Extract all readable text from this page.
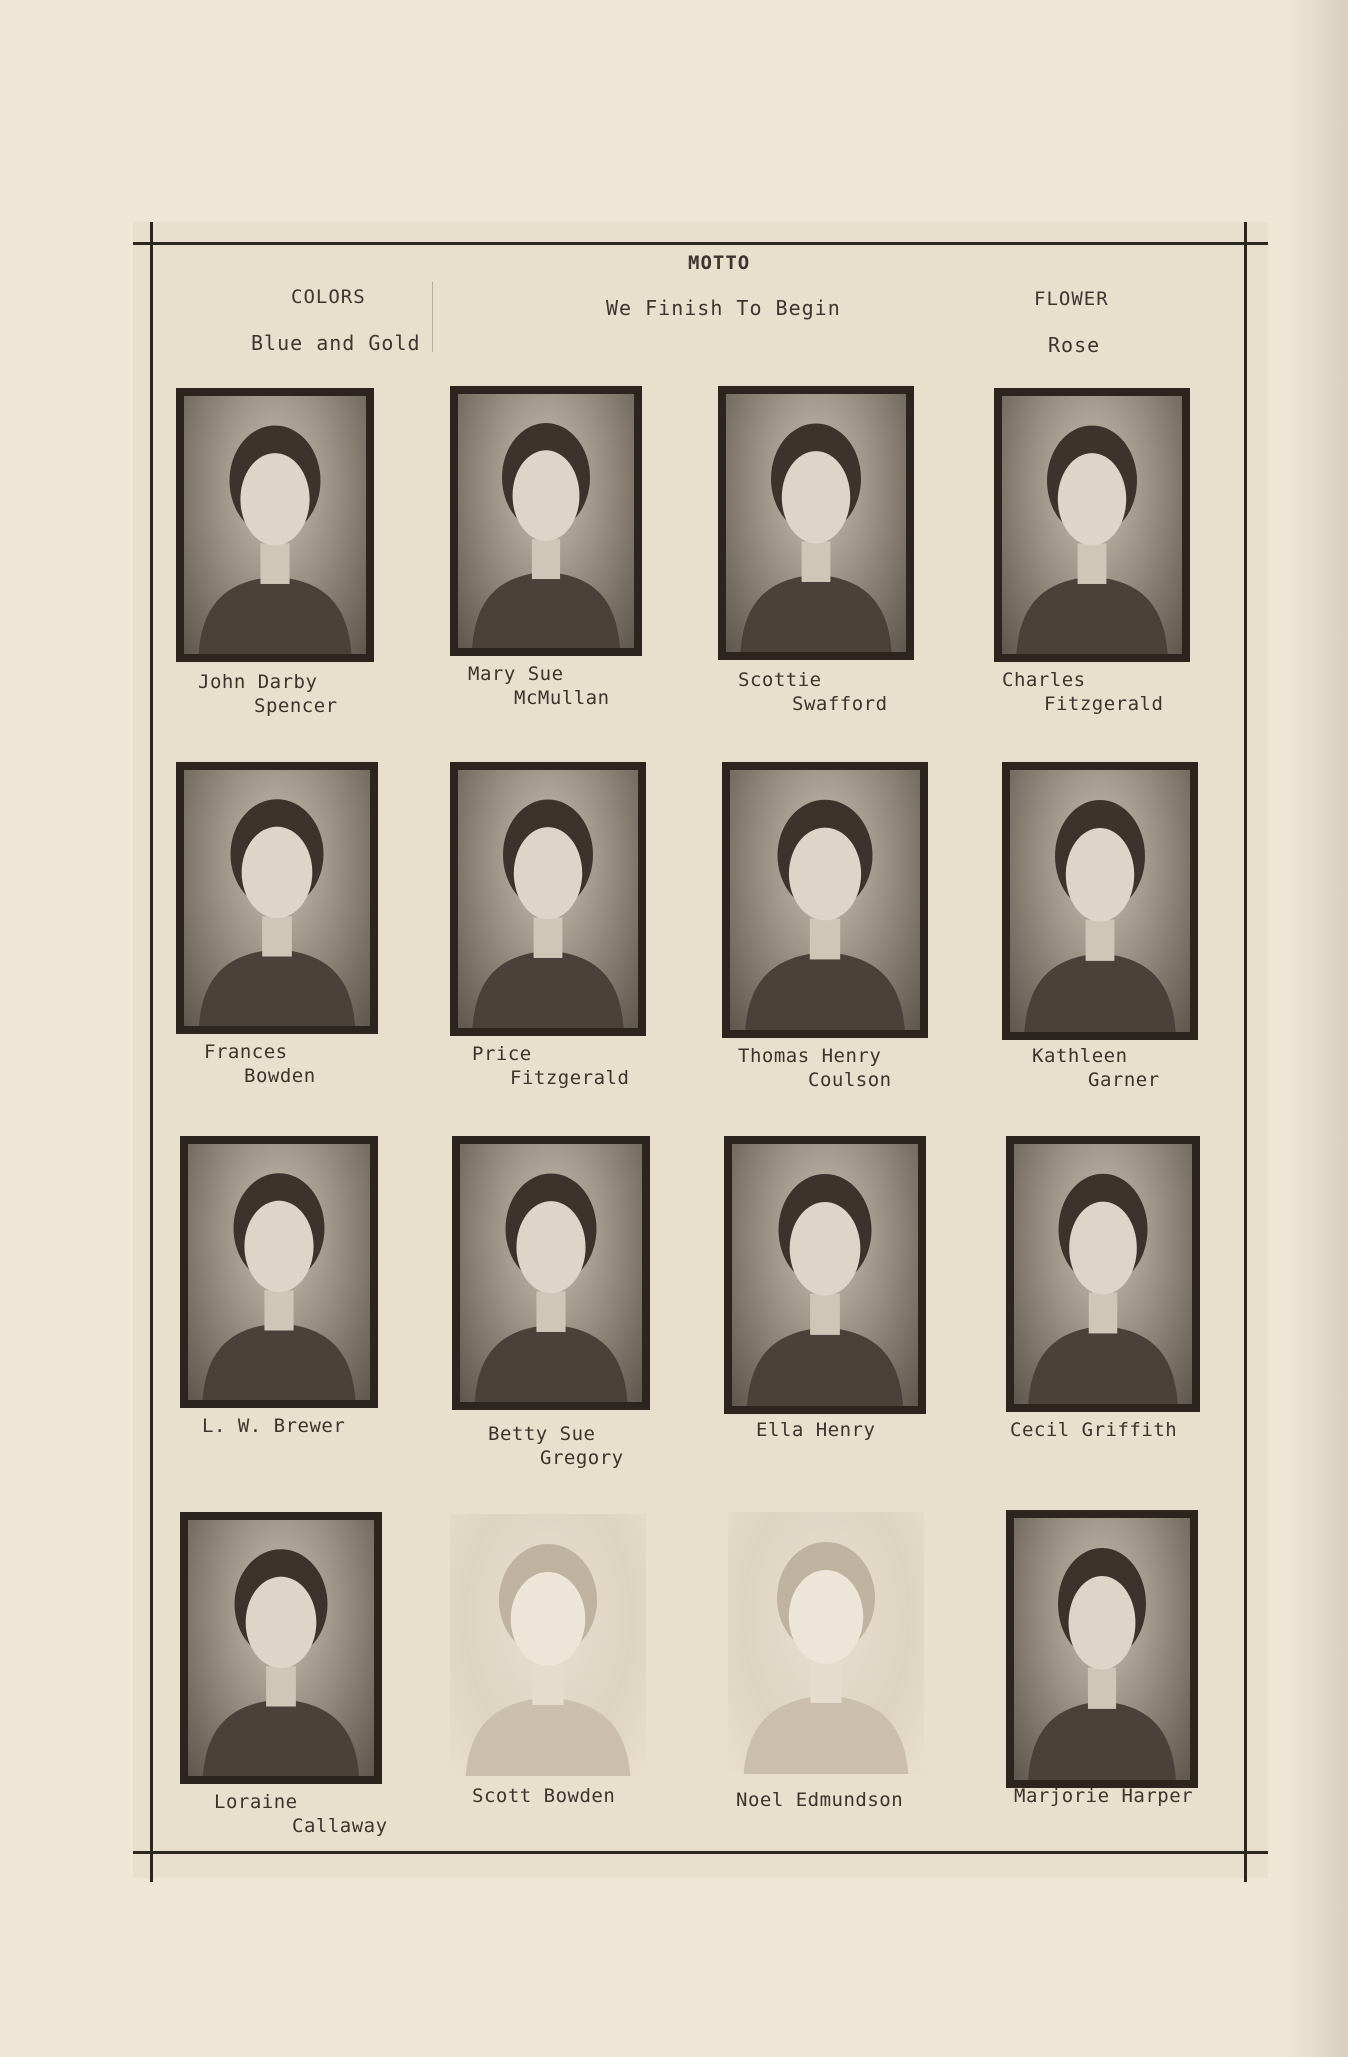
MOTTO
We Finish To Begin
COLORS
Blue and Gold
FLOWER
Rose
John Darby
Spencer
Mary Sue
McMullan
Scottie
Swafford
Charles
Fitzgerald
Frances
Bowden
Price
Fitzgerald
Thomas Henry
Coulson
Kathleen
Garner
L. W. Brewer	Betty Sue
Gregory
Ella Henry	Cecil Griffith
Loraine
Callaway
Scott Bowden	Noel Edmundson	Marjorie Harper
